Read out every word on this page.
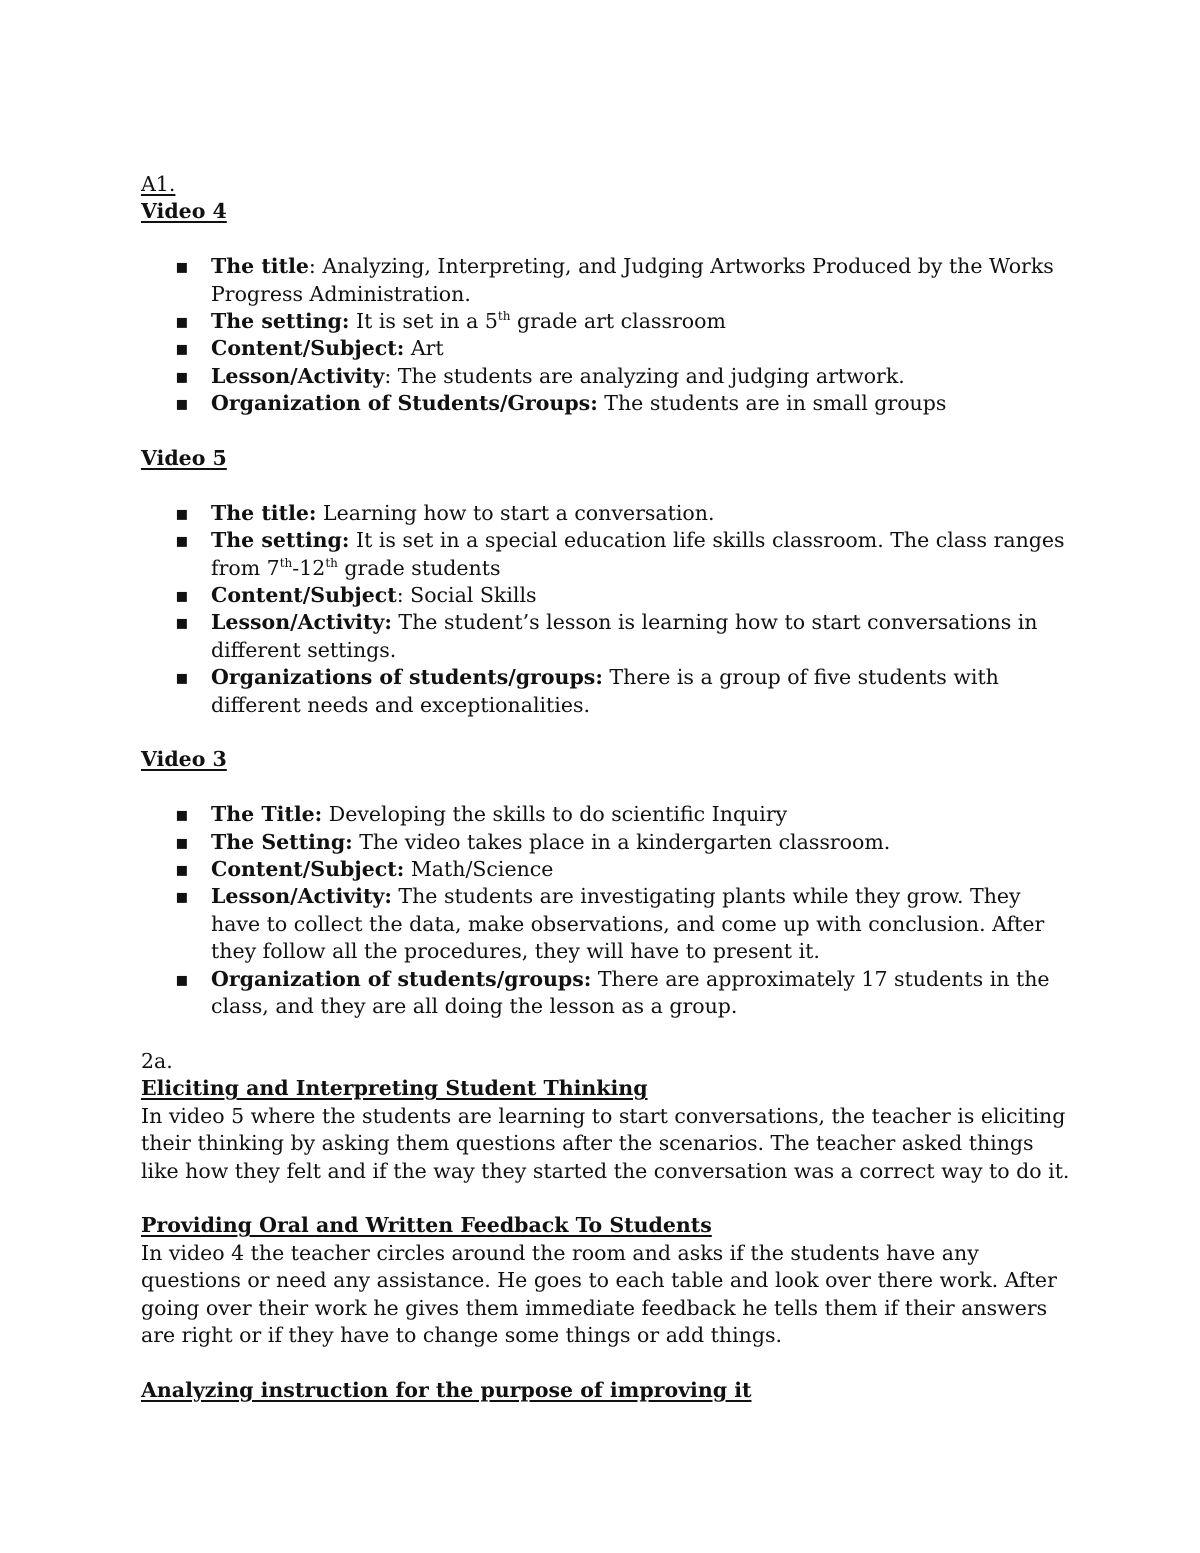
A1.

Video 4

▪ The title: Analyzing, Interpreting, and Judging Artworks Produced by the Works Progress Administration.
▪ The setting: It is set in a 5th grade art classroom
▪ Content/Subject: Art
▪ Lesson/Activity: The students are analyzing and judging artwork.
▪ Organization of Students/Groups: The students are in small groups

Video 5

▪ The title: Learning how to start a conversation.
▪ The setting: It is set in a special education life skills classroom. The class ranges from 7th-12th grade students
▪ Content/Subject: Social Skills
▪ Lesson/Activity: The student’s lesson is learning how to start conversations in different settings.
▪ Organizations of students/groups: There is a group of five students with different needs and exceptionalities.

Video 3

▪ The Title: Developing the skills to do scientific Inquiry
▪ The Setting: The video takes place in a kindergarten classroom.
▪ Content/Subject: Math/Science
▪ Lesson/Activity: The students are investigating plants while they grow. They have to collect the data, make observations, and come up with conclusion. After they follow all the procedures, they will have to present it.
▪ Organization of students/groups: There are approximately 17 students in the class, and they are all doing the lesson as a group.

2a.

Eliciting and Interpreting Student Thinking

In video 5 where the students are learning to start conversations, the teacher is eliciting their thinking by asking them questions after the scenarios. The teacher asked things like how they felt and if the way they started the conversation was a correct way to do it.

Providing Oral and Written Feedback To Students

In video 4 the teacher circles around the room and asks if the students have any questions or need any assistance. He goes to each table and look over there work. After going over their work he gives them immediate feedback he tells them if their answers are right or if they have to change some things or add things.

Analyzing instruction for the purpose of improving it
